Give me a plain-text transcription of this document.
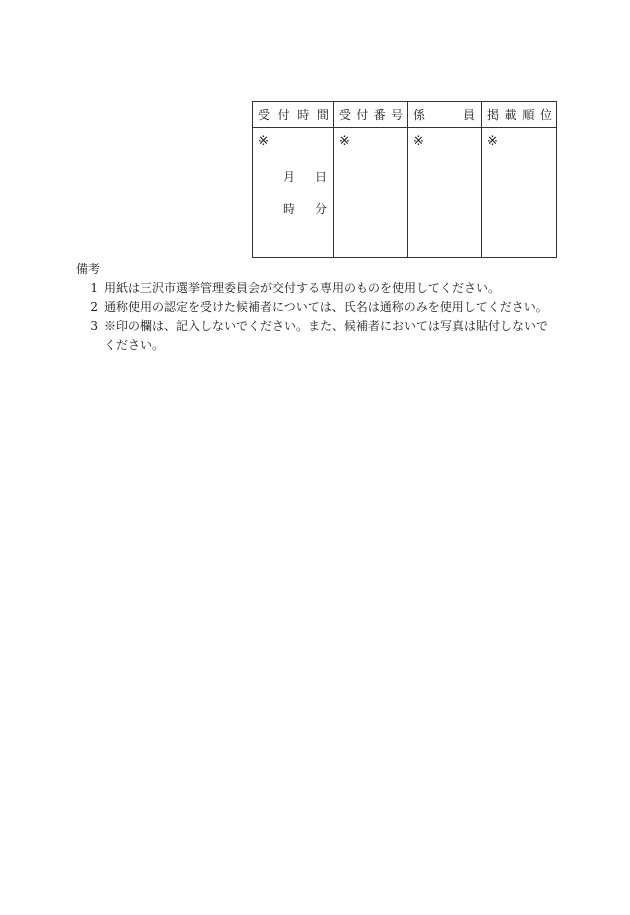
受 付 時 間	受 付 番 号	係 員	掲 載 順 位

※
月 日
時 分	※	※	※

備考

1 用紙は三沢市選挙管理委員会が交付する専用のものを使用してください。
2 通称使用の認定を受けた候補者については、氏名は通称のみを使用してください。
3 ※印の欄は、記入しないでください。また、候補者においては写真は貼付しないでください。
